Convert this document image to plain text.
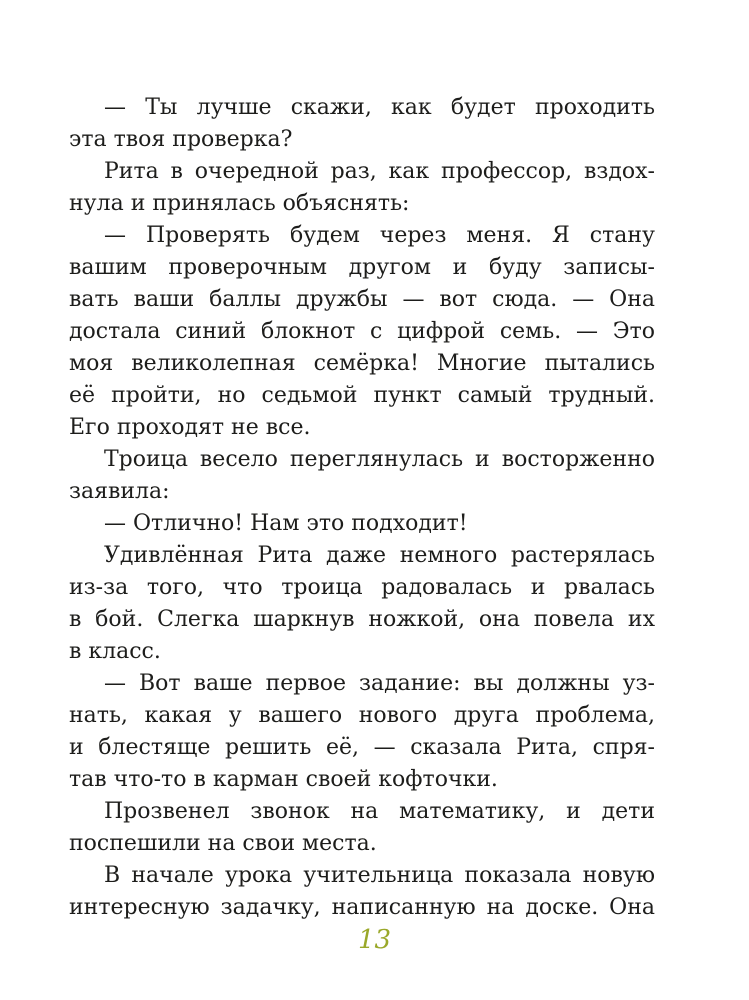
— Ты лучше скажи, как будет проходить
эта твоя проверка?
Рита в очередной раз, как профессор, вздох-
нула и принялась объяснять:
— Проверять будем через меня. Я стану
вашим проверочным другом и буду записы-
вать ваши баллы дружбы — вот сюда. — Она
достала синий блокнот с цифрой семь. — Это
моя великолепная семёрка! Многие пытались
её пройти, но седьмой пункт самый трудный.
Его проходят не все.
Троица весело переглянулась и восторженно
заявила:
— Отлично! Нам это подходит!
Удивлённая Рита даже немного растерялась
из-за того, что троица радовалась и рвалась
в бой. Слегка шаркнув ножкой, она повела их
в класс.
— Вот ваше первое задание: вы должны уз-
нать, какая у вашего нового друга проблема,
и блестяще решить её, — сказала Рита, спря-
тав что-то в карман своей кофточки.
Прозвенел звонок на математику, и дети
поспешили на свои места.
В начале урока учительница показала новую
интересную задачку, написанную на доске. Она
13
